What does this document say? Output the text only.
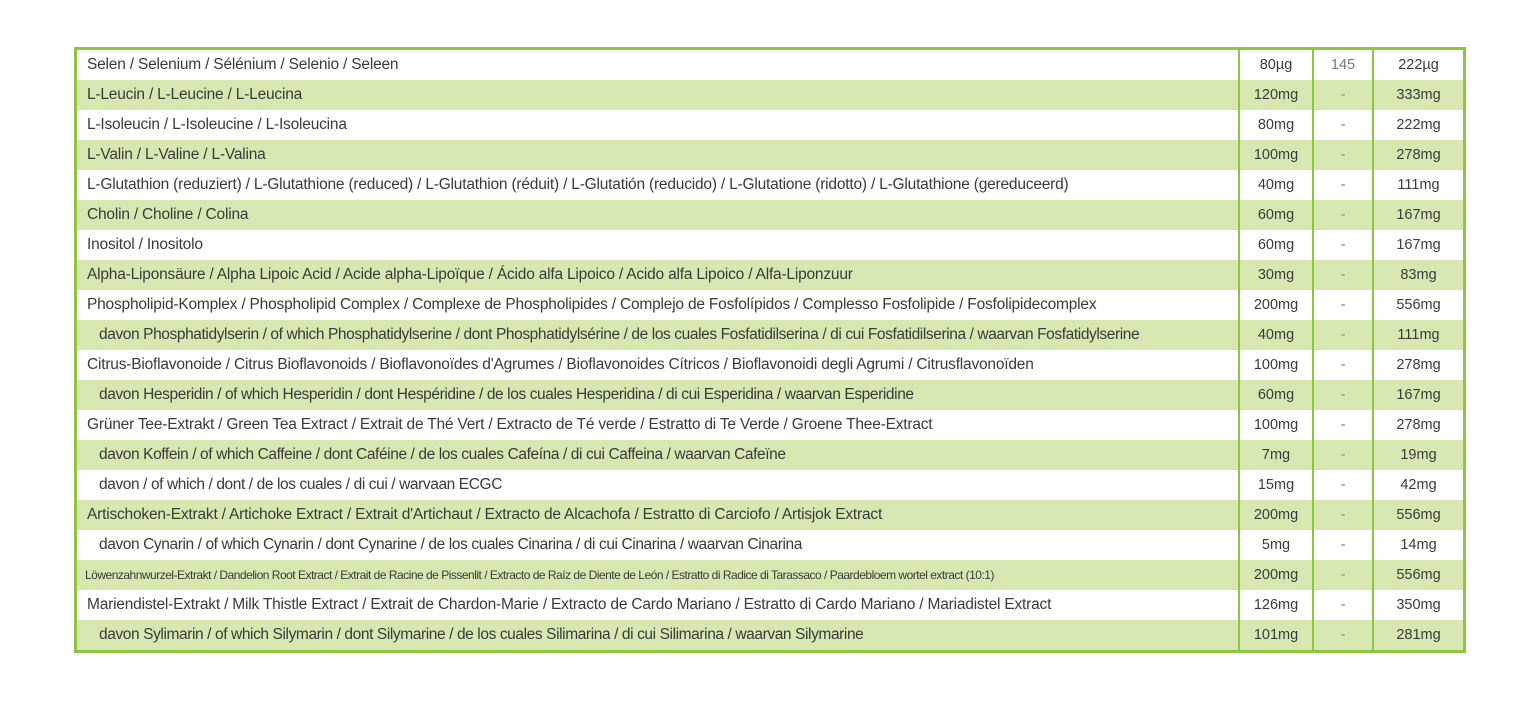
Selen / Selenium / Sélénium / Selenio / Seleen	80µg	145	222µg
L-Leucin / L-Leucine / L-Leucina	120mg	-	333mg
L-Isoleucin / L-Isoleucine / L-Isoleucina	80mg	-	222mg
L-Valin / L-Valine / L-Valina	100mg	-	278mg
L-Glutathion (reduziert) / L-Glutathione (reduced) / L-Glutathion (réduit) / L-Glutatión (reducido) / L-Glutatione (ridotto) / L-Glutathione (gereduceerd)	40mg	-	111mg
Cholin / Choline / Colina	60mg	-	167mg
Inositol / Inositolo	60mg	-	167mg
Alpha-Liponsäure / Alpha Lipoic Acid / Acide alpha-Lipoïque / Ácido alfa Lipoico / Acido alfa Lipoico / Alfa-Liponzuur	30mg	-	83mg
Phospholipid-Komplex / Phospholipid Complex / Complexe de Phospholipides / Complejo de Fosfolípidos / Complesso Fosfolipide / Fosfolipidecomplex	200mg	-	556mg
davon Phosphatidylserin / of which Phosphatidylserine / dont Phosphatidylsérine / de los cuales Fosfatidilserina / di cui Fosfatidilserina / waarvan Fosfatidylserine	40mg	-	111mg
Citrus-Bioflavonoide / Citrus Bioflavonoids / Bioflavonoïdes d'Agrumes / Bioflavonoides Cítricos / Bioflavonoidi degli Agrumi / Citrusflavonoïden	100mg	-	278mg
davon Hesperidin / of which Hesperidin / dont Hespéridine / de los cuales Hesperidina / di cui Esperidina / waarvan Esperidine	60mg	-	167mg
Grüner Tee-Extrakt / Green Tea Extract / Extrait de Thé Vert / Extracto de Té verde / Estratto di Te Verde / Groene Thee-Extract	100mg	-	278mg
davon Koffein / of which Caffeine / dont Caféine / de los cuales Cafeína / di cui Caffeina / waarvan Cafeïne	7mg	-	19mg
davon / of which / dont / de los cuales / di cui / warvaan ECGC	15mg	-	42mg
Artischoken-Extrakt / Artichoke Extract / Extrait d'Artichaut / Extracto de Alcachofa / Estratto di Carciofo / Artisjok Extract	200mg	-	556mg
davon Cynarin / of which Cynarin / dont Cynarine / de los cuales Cinarina / di cui Cinarina / waarvan Cinarina	5mg	-	14mg
Löwenzahnwurzel-Extrakt / Dandelion Root Extract / Extrait de Racine de Pissenlit / Extracto de Raíz de Diente de León / Estratto di Radice di Tarassaco / Paardebloem wortel extract (10:1)	200mg	-	556mg
Mariendistel-Extrakt / Milk Thistle Extract / Extrait de Chardon-Marie / Extracto de Cardo Mariano / Estratto di Cardo Mariano / Mariadistel Extract	126mg	-	350mg
davon Sylimarin / of which Silymarin / dont Silymarine / de los cuales Silimarina / di cui Silimarina / waarvan Silymarine	101mg	-	281mg
